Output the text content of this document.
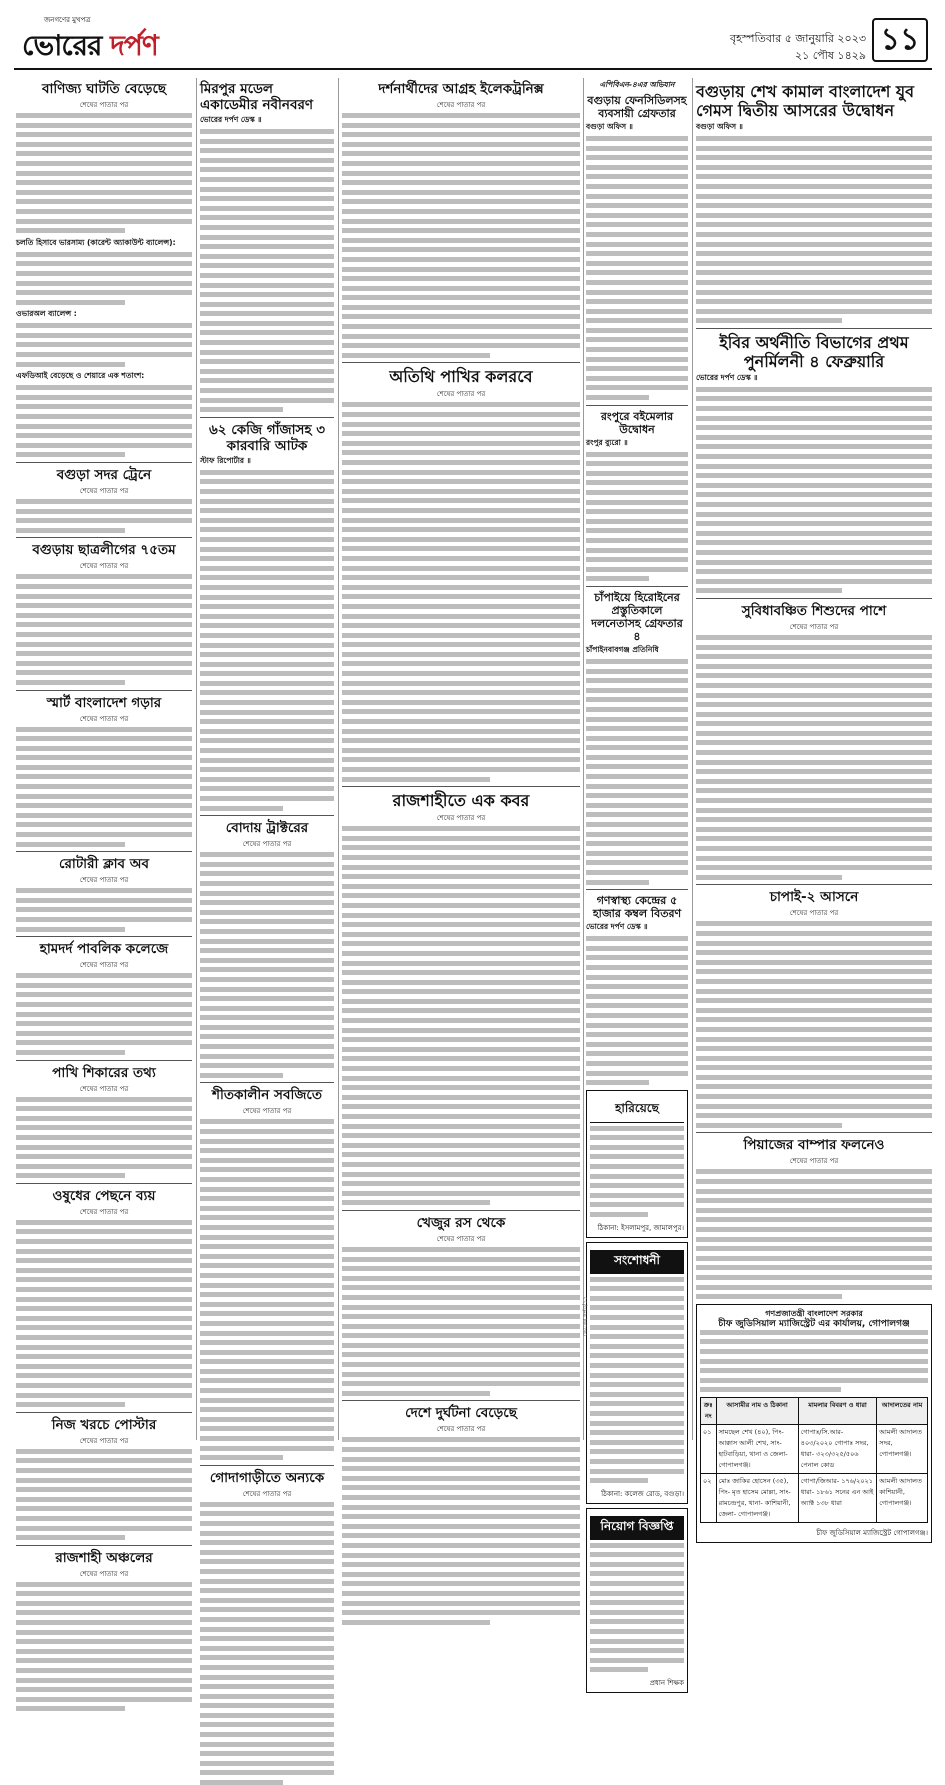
জনগণের মুখপত্র
ভোরের দর্পণ	বৃহস্পতিবার ৫ জানুয়ারি ২০২৩
২১ পৌষ ১৪২৯ ১১
বাণিজ্য ঘাটতি বেড়েছে
শেষের পাতার পর
চলতি হিসাবে ভারসাম্য (কারেন্ট অ্যাকাউন্ট ব্যালেন্স):
ওভারঅল ব্যালেন্স :
এফডিআই বেড়েছে ও শেয়ারে এক শতাংশ:
বগুড়া সদর ট্রেনে
শেষের পাতার পর
বগুড়ায় ছাত্রলীগের ৭৫তম
শেষের পাতার পর
স্মার্ট বাংলাদেশ গড়ার
শেষের পাতার পর
রোটারী ক্লাব অব
শেষের পাতার পর
হামদর্দ পাবলিক কলেজে
শেষের পাতার পর
পাখি শিকারের তথ্য
শেষের পাতার পর
ওষুধের পেছনে ব্যয়
শেষের পাতার পর
নিজ খরচে পোস্টার
শেষের পাতার পর
রাজশাহী অঞ্চলের
শেষের পাতার পর
মিরপুর মডেল একাডেমীর নবীনবরণ
ভোরের দর্পণ ডেস্ক ॥
৬২ কেজি গাঁজাসহ ৩ কারবারি আটক
স্টাফ রিপোর্টার ॥
বোদায় ট্রাক্টরের
শেষের পাতার পর
শীতকালীন সবজিতে
শেষের পাতার পর
গোদাগাড়ীতে অন্যকে
শেষের পাতার পর
দর্শনার্থীদের আগ্রহ ইলেকট্রনিক্স
শেষের পাতার পর
অতিথি পাখির কলরবে
শেষের পাতার পর
রাজশাহীতে এক কবর
শেষের পাতার পর
খেজুর রস থেকে
শেষের পাতার পর
দেশে দুর্ঘটনা বেড়েছে
শেষের পাতার পর
এপিবিএন-৪এর অভিযান
বগুড়ায় ফেনসিডিলসহ ব্যবসায়ী গ্রেফতার
বগুড়া অফিস ॥
রংপুরে বইমেলার উদ্বোধন
রংপুর ব্যুরো ॥
চাঁপাইয়ে হিরোইনের প্রস্তুতিকালে দলনেতাসহ গ্রেফতার ৪
চাঁপাইনবাবগঞ্জ প্রতিনিধি
গণস্বাস্থ্য কেন্দ্রের ৫ হাজার কম্বল বিতরণ
ভোরের দর্পণ ডেস্ক ॥
হারিয়েছে
ঠিকানা: ইসলামপুর, জামালপুর।
সংশোধনী
ঠিকানা: কলেজ রোড, বগুড়া।
নিয়োগ বিজ্ঞপ্তি
প্রধান শিক্ষক
বগুড়ায় শেখ কামাল বাংলাদেশ যুব গেমস দ্বিতীয় আসরের উদ্বোধন
বগুড়া অফিস ॥
ইবির অর্থনীতি বিভাগের প্রথম পুনর্মিলনী ৪ ফেব্রুয়ারি
ভোরের দর্পণ ডেস্ক ॥
সুবিধাবঞ্চিত শিশুদের পাশে
শেষের পাতার পর
চাপাই-২ আসনে
শেষের পাতার পর
পিয়াজের বাম্পার ফলনেও
শেষের পাতার পর
গণপ্রজাতন্ত্রী বাংলাদেশ সরকার
চীফ জুডিসিয়াল ম্যাজিস্ট্রেট এর কার্যালয়, গোপালগঞ্জ
ক্রঃ নং	আসামীর নাম ও ঠিকানা	মামলার বিবরণ ও ধারা	আদালতের নাম
০১	সামছেল শেখ (৪০), পিং- আক্কাস আলী শেখ, সাং- হাটবাড়িয়া, থানা ও জেলা- গোপালগঞ্জ।	গোপাঃ/সি.আর- ৪০৩/২০২০ গোপাঃ সদর, ধারা- ৩২৩/৩২৫/৫০৬ পেনাল কোড	আমলী আদালত সদর, গোপালগঞ্জ।
০২	মোঃ জাকির হোসেন (৩৫), পিং- মৃত হাসেম মোল্লা, সাং- রামচন্দ্রপুর, থানা- কাশিয়ানী, জেলা- গোপালগঞ্জ।	গোপা/জিআর- ১৭৬/২০২১ ধারা- ১৮৬১ সনের এন আই অ্যাক্ট ১৩৮ ধারা	আমলী আদালত কাশিয়ানী, গোপালগঞ্জ।
চীফ জুডিসিয়াল ম্যাজিস্ট্রেট গোপালগঞ্জ।
ভোরের দর্পণ/১১
